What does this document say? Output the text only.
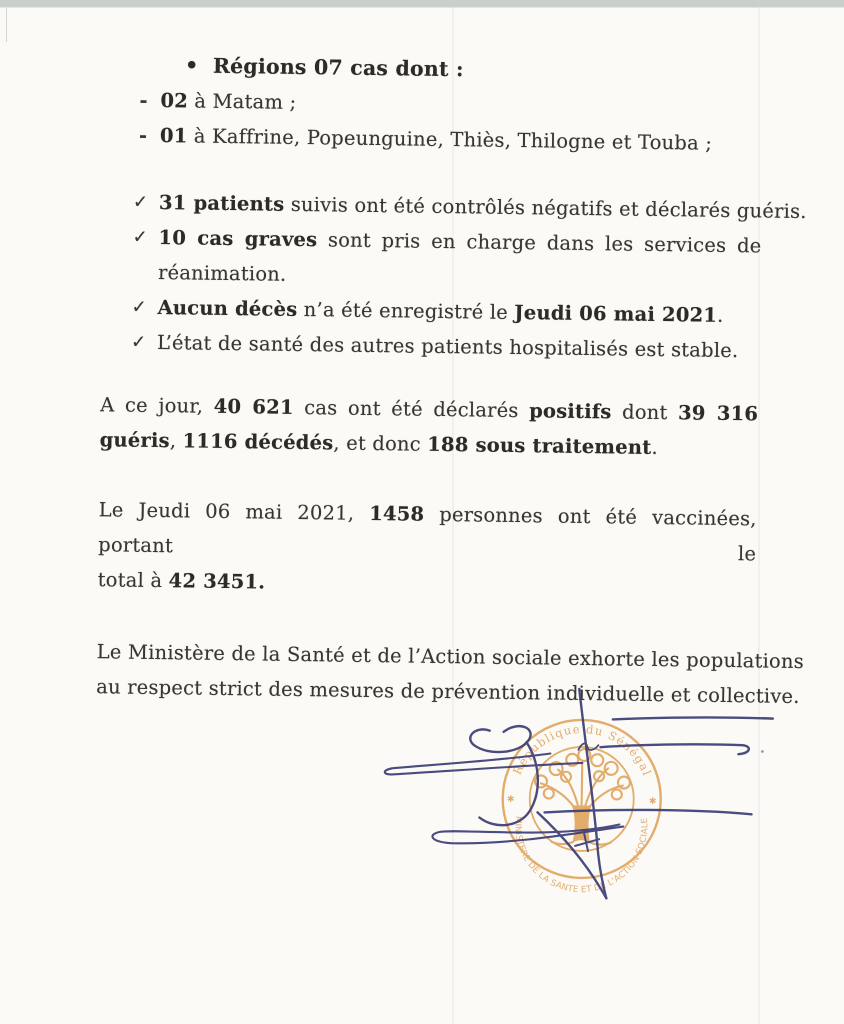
• Régions 07 cas dont :
- 02 à Matam ;
- 01 à Kaffrine, Popeunguine, Thiès, Thilogne et Touba ;
✓ 31 patients suivis ont été contrôlés négatifs et déclarés guéris.
✓ 10 cas graves sont pris en charge dans les services de
réanimation.
✓ Aucun décès n’a été enregistré le Jeudi 06 mai 2021.
✓ L’état de santé des autres patients hospitalisés est stable.
A ce jour, 40 621 cas ont été déclarés positifs dont 39 316
guéris, 1116 décédés, et donc 188 sous traitement.
Le Jeudi 06 mai 2021, 1458 personnes ont été vaccinées, portant le
total à 42 3451.
Le Ministère de la Santé et de l’Action sociale exhorte les populations
au respect strict des mesures de prévention individuelle et collective.
République du Sénégal
MINISTERE DE LA SANTE ET DE L'ACTION SOCIALE
✱	✱
